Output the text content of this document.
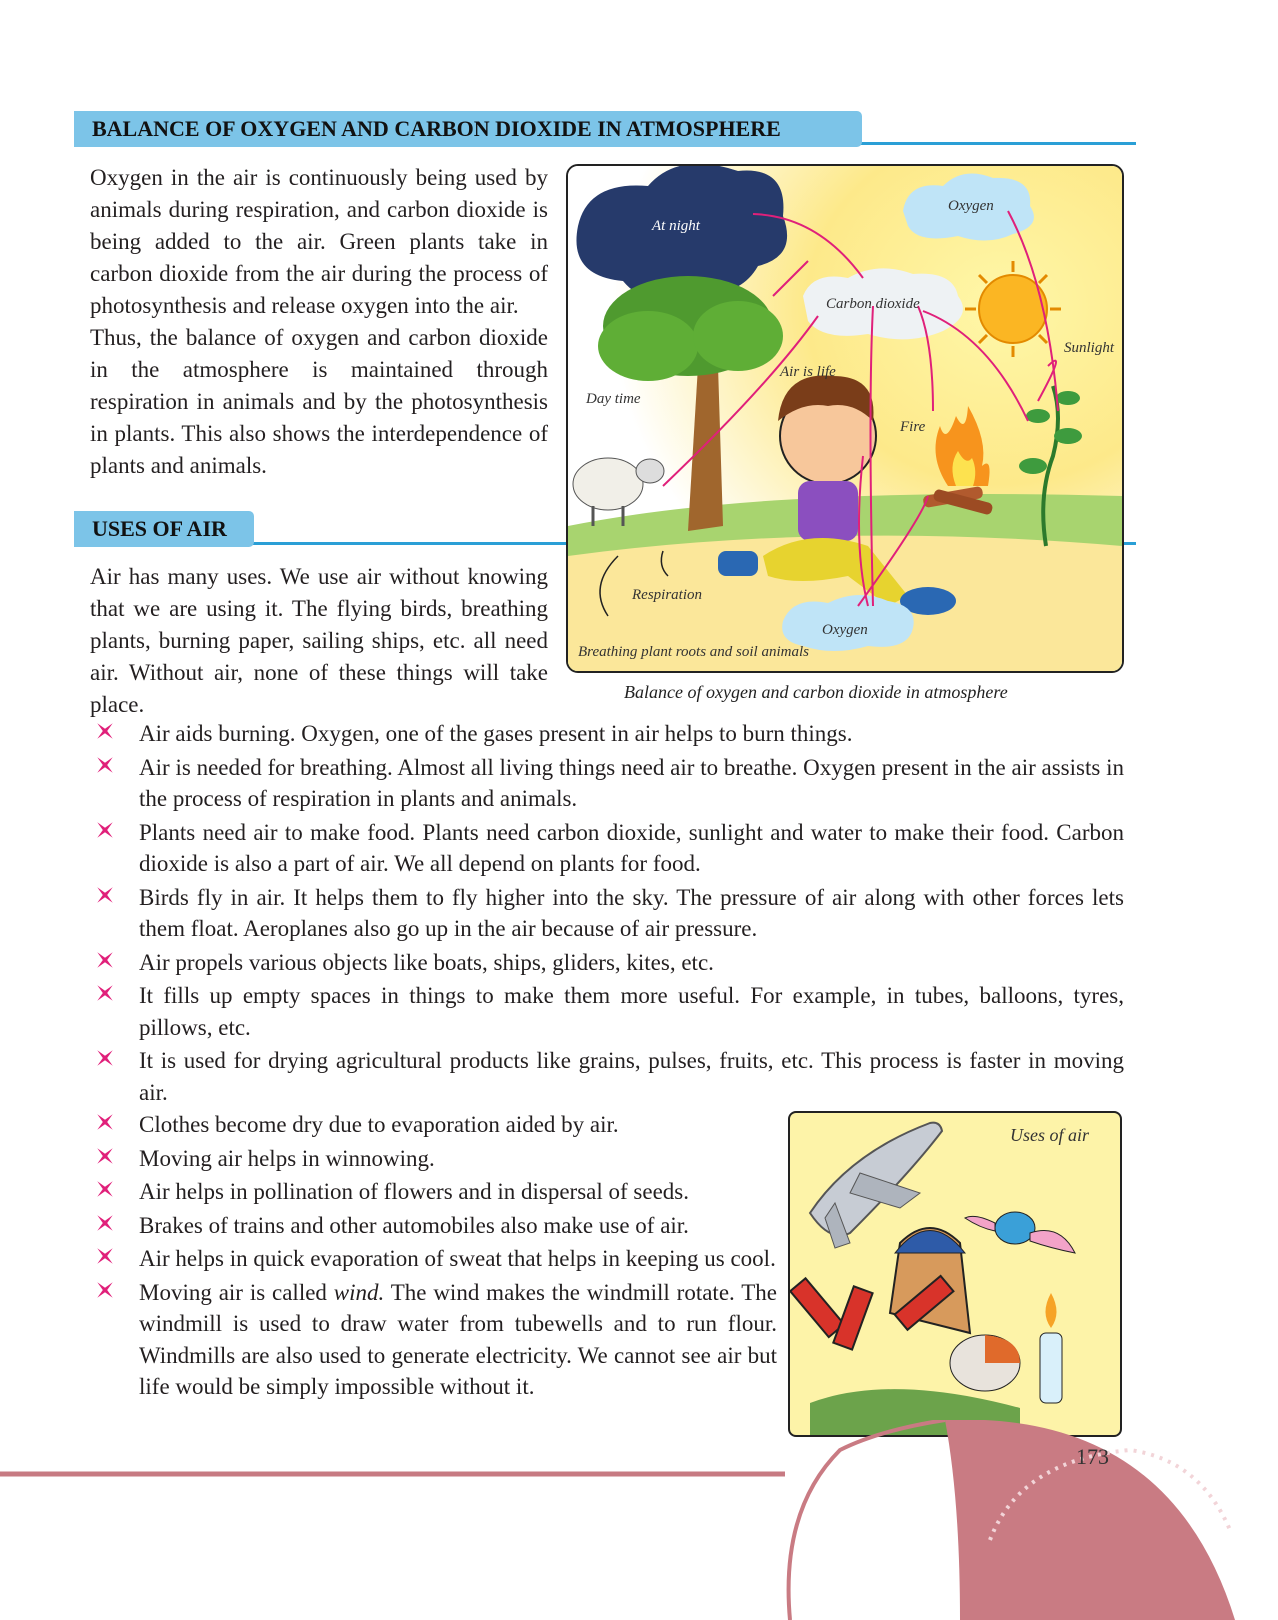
BALANCE OF OXYGEN AND CARBON DIOXIDE IN ATMOSPHERE

Oxygen in the air is continuously being used by animals during respiration, and carbon dioxide is being added to the air. Green plants take in carbon dioxide from the air during the process of photosynthesis and release oxygen into the air.

Thus, the balance of oxygen and carbon dioxide in the atmosphere is maintained through respiration in animals and by the photosynthesis in plants. This also shows the interdependence of plants and animals.

USES OF AIR
At night
Oxygen
Carbon dioxide
Sunlight
Air is life
Day time
Fire
Respiration
Oxygen
Breathing plant roots and soil animals
Balance of oxygen and carbon dioxide in atmosphere
Air has many uses. We use air without knowing that we are using it. The flying birds, breathing plants, burning paper, sailing ships, etc. all need air. Without air, none of these things will take place.
Air aids burning. Oxygen, one of the gases present in air helps to burn things.
Air is needed for breathing. Almost all living things need air to breathe. Oxygen present in the air assists in the process of respiration in plants and animals.
Plants need air to make food. Plants need carbon dioxide, sunlight and water to make their food. Carbon dioxide is also a part of air. We all depend on plants for food.
Birds fly in air. It helps them to fly higher into the sky. The pressure of air along with other forces lets them float. Aeroplanes also go up in the air because of air pressure.
Air propels various objects like boats, ships, gliders, kites, etc.
It fills up empty spaces in things to make them more useful. For example, in tubes, balloons, tyres, pillows, etc.
It is used for drying agricultural products like grains, pulses, fruits, etc. This process is faster in moving air.
Clothes become dry due to evaporation aided by air.
Moving air helps in winnowing.
Air helps in pollination of flowers and in dispersal of seeds.
Brakes of trains and other automobiles also make use of air.
Air helps in quick evaporation of sweat that helps in keeping us cool.
Moving air is called wind. The wind makes the windmill rotate. The windmill is used to draw water from tubewells and to run flour. Windmills are also used to generate electricity. We cannot see air but life would be simply impossible without it.
Uses of air
173
